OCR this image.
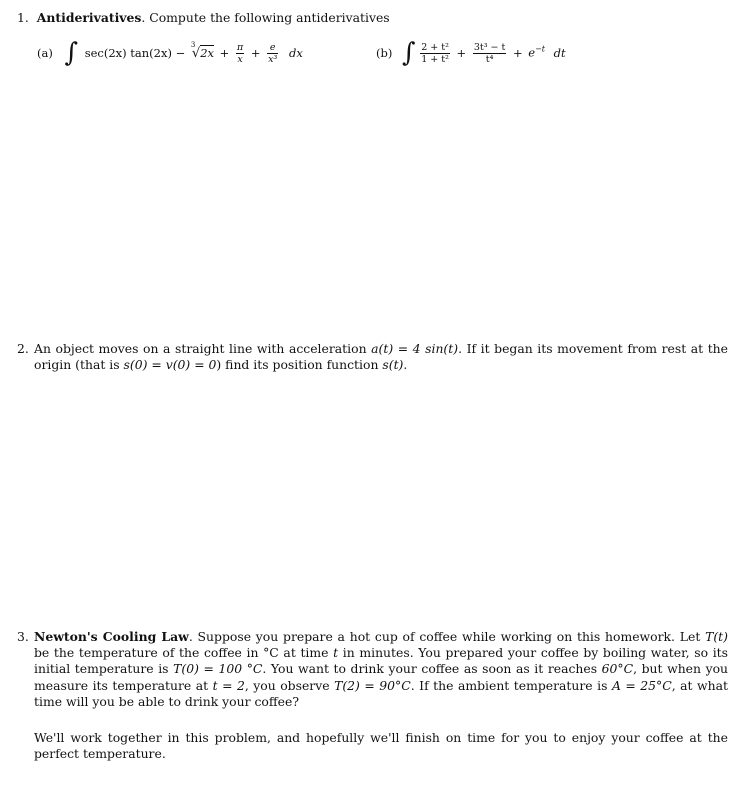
1. Antiderivatives. Compute the following antiderivatives
(a) ∫ sec(2x) tan(2x) −
3
$√2x + \frac{\pi}{x} + \frac{e}{\text{x³}}$ dx	(b) ∫ $\frac{\text{2 + t²}}{\text{1 + t²}} + \frac{\text{3t³ − t}}{\text{t⁴}} + e^{-t}$ dt
2. An object moves on a straight line with acceleration a(t) = 4 sin(t). If it began its movement from rest at the origin (that is s(0) = v(0) = 0) find its position function s(t).
3. Newton's Cooling Law. Suppose you prepare a hot cup of coffee while working on this homework. Let T(t) be the temperature of the coffee in °C at time t in minutes. You prepared your coffee by boiling water, so its initial temperature is T(0) = 100 °C. You want to drink your coffee as soon as it reaches 60°C, but when you measure its temperature at t = 2, you observe T(2) = 90°C. If the ambient temperature is A = 25°C, at what time will you be able to drink your coffee?
We'll work together in this problem, and hopefully we'll finish on time for you to enjoy your coffee at the perfect temperature.
